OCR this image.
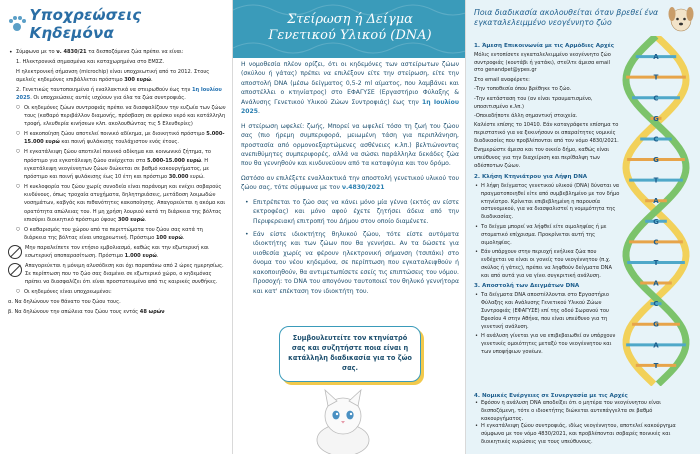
Υποχρεώσεις Κηδεμόνα

• Σύμφωνα με το ν. 4830/21 τα δεσποζόμενα ζώα πρέπει να είναι:

1. Ηλεκτρονικά σημασμένα και καταχωρημένα στο ΕΜΣΖ.

Η ηλεκτρονική σήμανση (microchip) είναι υποχρεωτική από το 2012. Στους αμελείς κηδεμόνες επιβάλλεται πρόστιμο 300 ευρώ.

2. Γενετικώς ταυτοποιημένα ή εναλλακτικά να στειρωθούν έως την 1η Ιουλίου 2025. Οι υποχρεώσεις αυτές ισχύουν για όλα τα ζώα συντροφιάς.

○ Οι κηδεμόνες ζώων συντροφιάς πρέπει να διασφαλίζουν την ευζωία των ζώων τους (καθαρό περιβάλλον διαμονής, πρόσβαση σε φρέσκο νερό και κατάλληλη τροφή, ελευθερία κινήσεων κλπ. ακολουθώντας τις 5 Ελευθερίες)

○ Η κακοποίηση ζώου αποτελεί ποινικό αδίκημα, με διοικητικό πρόστιμο 5.000- 15.000 ευρώ και ποινή φυλάκισης τουλάχιστον ενός έτους.

○ Η εγκατάλειψη ζώου αποτελεί ποινικό αδίκημα και κοινωνικό ζήτημα, το πρόστιμο για εγκατάλειψη ζώου ανέρχεται στα 5.000-15.000 ευρώ. Η εγκατάλειψη νεογέννητων ζώων διώκεται σε βαθμό κακουργήματος, με πρόστιμο και ποινή φυλάκισης έως 10 έτη και πρόστιμο 30.000 ευρώ.

○ Η κυκλοφορία του ζώου χωρίς συνοδεία είναι παράνομη και ενέχει σοβαρούς κινδύνους, όπως τροχαία ατυχήματα, δηλητηριάσεις, μετάδοση λοιμωδών νοσημάτων, καβγάς και πιθανότητες κακοποίησης. Απαγορεύεται η ακόμα και ορατότητα απώλειας του. Η μη χρήση λουριού κατά τη διάρκεια της βόλτας επισύρει διοικητικό πρόστιμο ύψους 300 ευρώ.

○ Ο καθαρισμός του χώρου από τα περιττώματα του ζώου σας κατά τη διάρκεια της βόλτας είναι υποχρεωτική. Πρόστιμο 100 ευρώ.

Μην παραλείπετε τον ετήσιο εμβολιασμό, καθώς και την εξωτερική και εσωτερική αποπαρασίτωση. Πρόστιμο 1.000 ευρώ.

Απαγορεύεται η μόνιμη αλυσόδεση και όχι παραπάνω από 2 ώρες ημερησίως. Σε περίπτωση που το ζώο σας διαμένει σε εξωτερικό χώρο, ο κηδεμόνας πρέπει να διασφαλίζει ότι είναι προστατευμένο από τις καιρικές συνθήκες.

○ Οι κηδεμόνες είναι υποχρεωμένοι:

α. Να δηλώνουν τον θάνατο του ζώου τους.

β. Να δηλώνουν την απώλεια του ζώου τους εντός 48 ωρών

Στείρωση ή Δείγμα
Γενετικού Υλικού (DNA)

Η νομοθεσία πλέον ορίζει, ότι οι κηδεμόνες των αστείρωτων ζώων (σκύλου ή γάτας) πρέπει να επιλέξουν είτε την στείρωση, είτε την αποστολή DNA (μέσω δείγματος 0,5-2 ml αίματος, που λαμβάνει και αποστέλλει ο κτηνίατρος) στο ΕΦΑΓΥΣΕ (Εργαστήριο Φύλαξης & Ανάλυσης Γενετικού Υλικού Ζώων Συντροφιάς) έως την 1η Ιουλίου 2025.

Η στείρωση ωφελεί: ζωής, Μπορεί να ωφελεί τόσο τη ζωή του ζώου σας (πιο ήρεμη συμπεριφορά, μειωμένη τάση για περιπλάνηση, προστασία από ορμονοεξαρτώμενες ασθένειες κ.λπ.) βελτιώνοντας ανεπιθύμητες συμπεριφορές, αλλά να σώσει παράλληλα δεκάδες ζώα που θα γεννηθούν και κινδυνεύουν από τα καταφύγια και τον δρόμο.

Ωστόσο αν επιλέξετε εναλλακτικά την αποστολή γενετικού υλικού του ζώου σας, τότε σύμφωνα με τον ν.4830/2021

• Επιτρέπεται το ζώο σας να κάνει μόνο μία γέννα (εκτός αν είστε εκτροφέας) και μόνο αφού έχετε ζητήσει άδεια από την Περιφερειακή επιτροπή του Δήμου στον οποίο διαμένετε.
• Εάν είστε ιδιοκτήτης θηλυκού ζώου, τότε είστε αυτόματα ιδιοκτήτης και των ζώων που θα γεννήσει. Αν τα δώσετε για υιοθεσία χωρίς να φέρουν ηλεκτρονική σήμανση (τσιπάκι) στο όνομα του νέου κηδεμόνα, σε περίπτωση που εγκαταλειφθούν ή κακοποιηθούν, θα αντιμετωπίσετε εσείς τις επιπτώσεις του νόμου. Προσοχή: το DNA του απογόνου ταυτοποιεί τον θηλυκό γεννήτορα και κατ' επέκταση τον ιδιοκτήτη του.
Συμβουλευτείτε τον κτηνίατρό σας και συζητήστε ποια είναι η κατάλληλη διαδικασία για το ζώο σας.
Ποια διαδικασία ακολουθείται όταν βρεθεί ένα εγκαταλελειμμένο νεογέννητο ζώο
1. Άμεση Επικοινωνία με τις Αρμόδιες Αρχές

Μόλις εντοπίσετε εγκαταλελειμμένο νεογέννητο ζώο συντροφιάς (κουτάβι ή γατάκι), στείλτε άμεσα email στο genandpet@ypes.gr

Στο email αναφέρετε:

-Την τοποθεσία όπου βρέθηκε το ζώο.

-Την κατάσταση του (αν είναι τραυματισμένο, υποσιτισμένο κ.λπ.)

-Οποιαδήποτε άλλη σημαντική στοιχεία.

Καλέστε επίσης το 10410. Εάν καταγράφετε επίσημα το περιστατικό για να ξεκινήσουν οι απαραίτητες νομικές διαδικασίες που προβλέπονται από τον νόμο 4830/2021.

Ενημερώστε άμεσα και τον οικείο δήμο, καθώς είναι υπεύθυνος για την διαχείριση και περίθαλψη των αδέσποτων ζώων.

2. Κλήση Κτηνιάτρου για Λήψη DNA

• Η λήψη δείγματος γενετικού υλικού (DNA) δύναται να πραγματοποιηθεί είτε από συμβεβλημένο με τον δήμο κτηνίατρο. Κρίνεται επιβεβλημένη η παρουσία αστυνομικού, για να διασφαλιστεί η νομιμότητα της διαδικασίας.

• Το δείγμα μπορεί να λήφθεί είτε αιμοληψίας ή με στοματικό επίχρισμα. Προκρίνεται αυτή της αιμοληψίας.

• Εάν υπάρχουν στην περιοχή ενήλικα ζώα που ενδέχεται να είναι οι γονείς του νεογέννητου (π.χ. σκύλος ή γάτες), πρέπει να ληφθούν δείγματα DNA και από αυτά για να γίνει συγκριτική ανάλυση.

3. Αποστολή των Δειγμάτων DNA

• Τα δείγματα DNA αποστέλλονται στο Εργαστήριο Φύλαξης και Ανάλυσης Γενετικού Υλικού Ζώων Συντροφιάς (ΕΦΑΓΥΣΕ) επί της οδού Σωρανού του Εφεσίου 4 στην Αθήνα, που είναι υπεύθυνο για τη γενετική ανάλυση.

• Η ανάλυση γίνεται για να επιβεβαιωθεί αν υπάρχουν γενετικές ομοιότητες μεταξύ του νεογέννητου και των υποψήφιων γονέων.

A
T
C
G
C
G
T
A
G
C
T
A
C
G
A
T
4. Νομικές Ενέργειες σε Συνεργασία με τις Αρχές

• Εφόσον η ανάλυση DNA αποδείξει ότι ο μητέρα του νεογέννητου είναι δεσποζόμενη, τότε ο ιδιοκτήτης διώκεται αυτεπάγγελτα σε βαθμό κακουργήματος.

• Η εγκατάλειψη ζώου συντροφιάς, ιδίως νεογέννητου, αποτελεί κακούργημα σύμφωνα με τον νόμο 4830/2021, και προβλέπονται σοβαρές ποινικές και διοικητικές κυρώσεις για τους υπεύθυνους.
